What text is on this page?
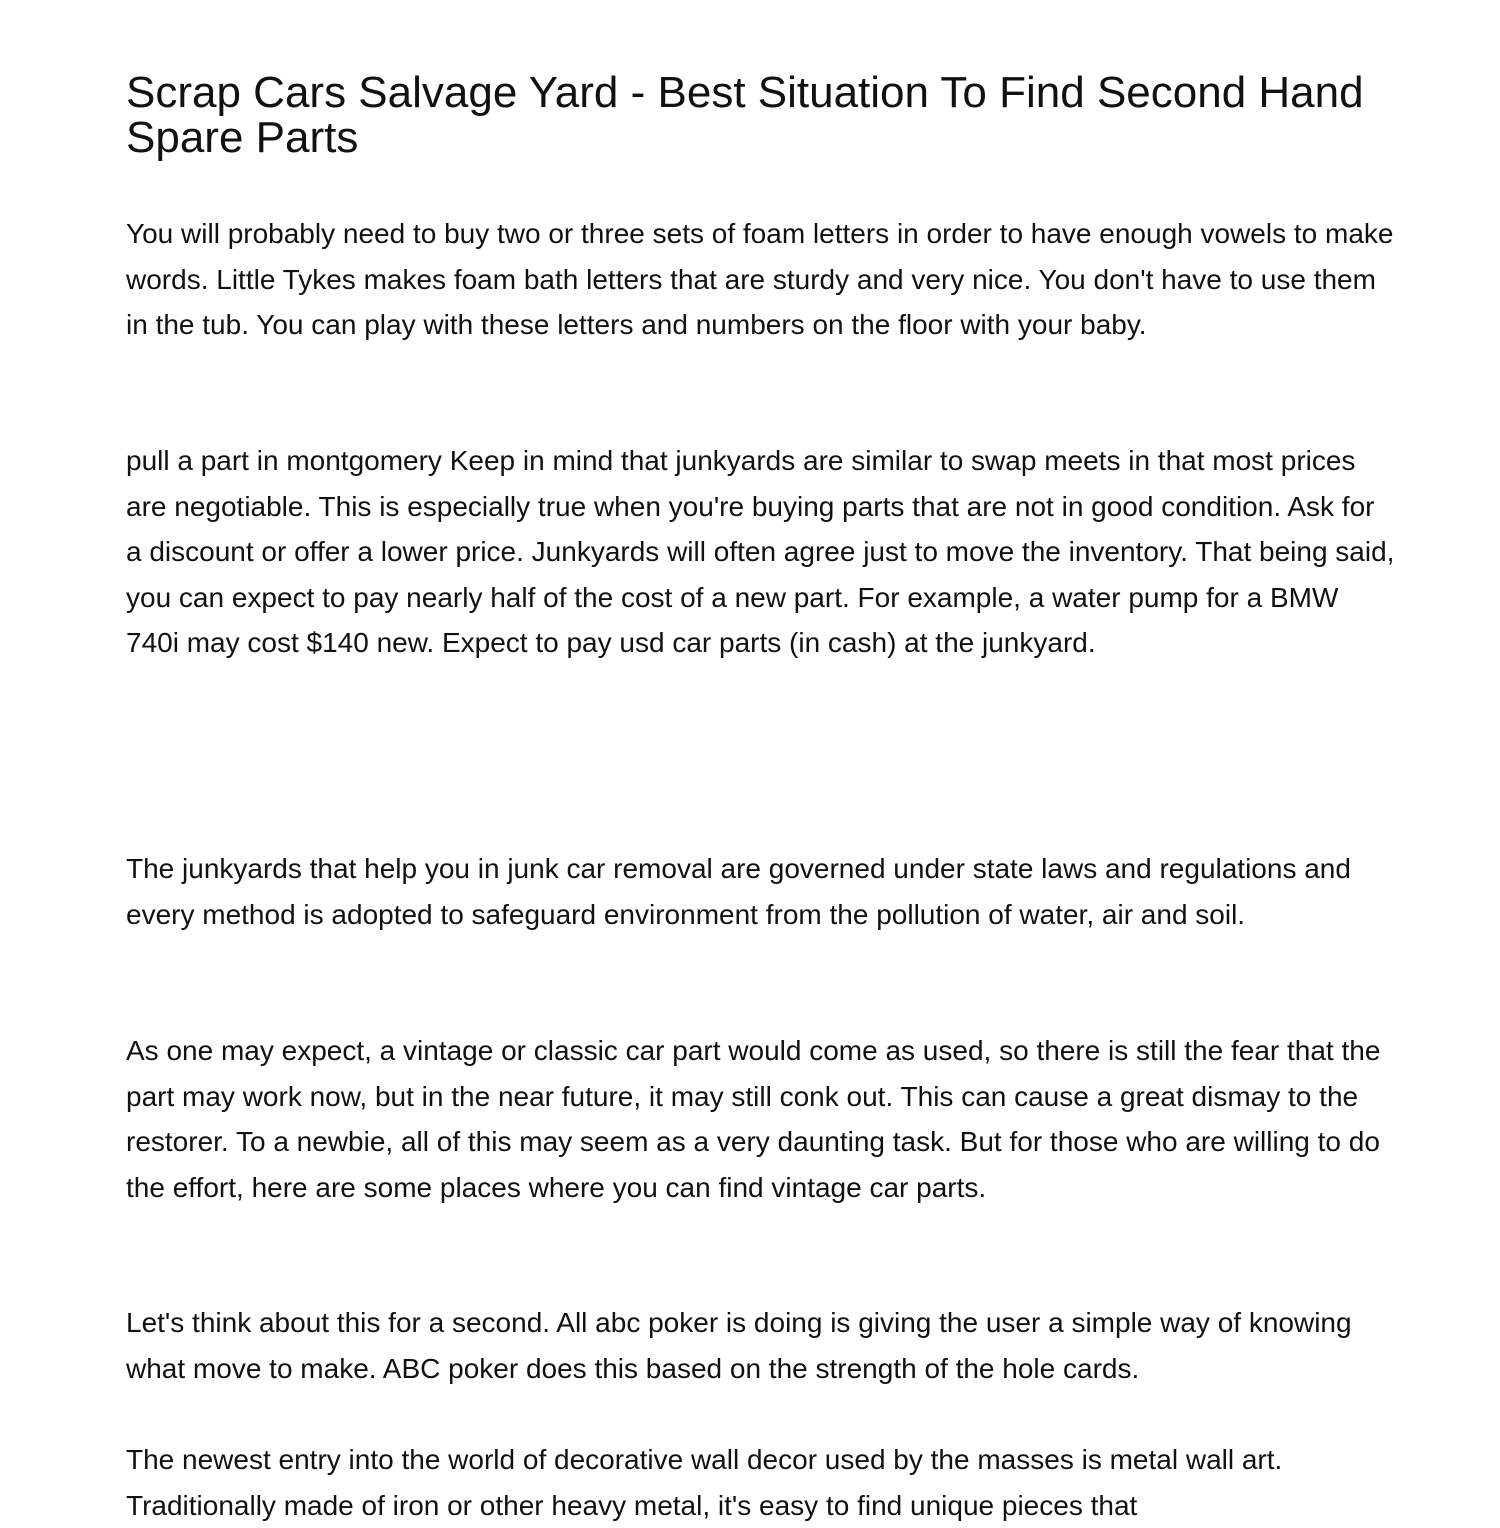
Scrap Cars Salvage Yard - Best Situation To Find Second Hand Spare Parts

You will probably need to buy two or three sets of foam letters in order to have enough vowels to make words. Little Tykes makes foam bath letters that are sturdy and very nice. You don't have to use them in the tub. You can play with these letters and numbers on the floor with your baby.

pull a part in montgomery Keep in mind that junkyards are similar to swap meets in that most prices are negotiable. This is especially true when you're buying parts that are not in good condition. Ask for a discount or offer a lower price. Junkyards will often agree just to move the inventory. That being said, you can expect to pay nearly half of the cost of a new part. For example, a water pump for a BMW 740i may cost $140 new. Expect to pay usd car parts (in cash) at the junkyard.

The junkyards that help you in junk car removal are governed under state laws and regulations and every method is adopted to safeguard environment from the pollution of water, air and soil.

As one may expect, a vintage or classic car part would come as used, so there is still the fear that the part may work now, but in the near future, it may still conk out. This can cause a great dismay to the restorer. To a newbie, all of this may seem as a very daunting task. But for those who are willing to do the effort, here are some places where you can find vintage car parts.

Let's think about this for a second. All abc poker is doing is giving the user a simple way of knowing what move to make. ABC poker does this based on the strength of the hole cards.

The newest entry into the world of decorative wall decor used by the masses is metal wall art. Traditionally made of iron or other heavy metal, it's easy to find unique pieces that
